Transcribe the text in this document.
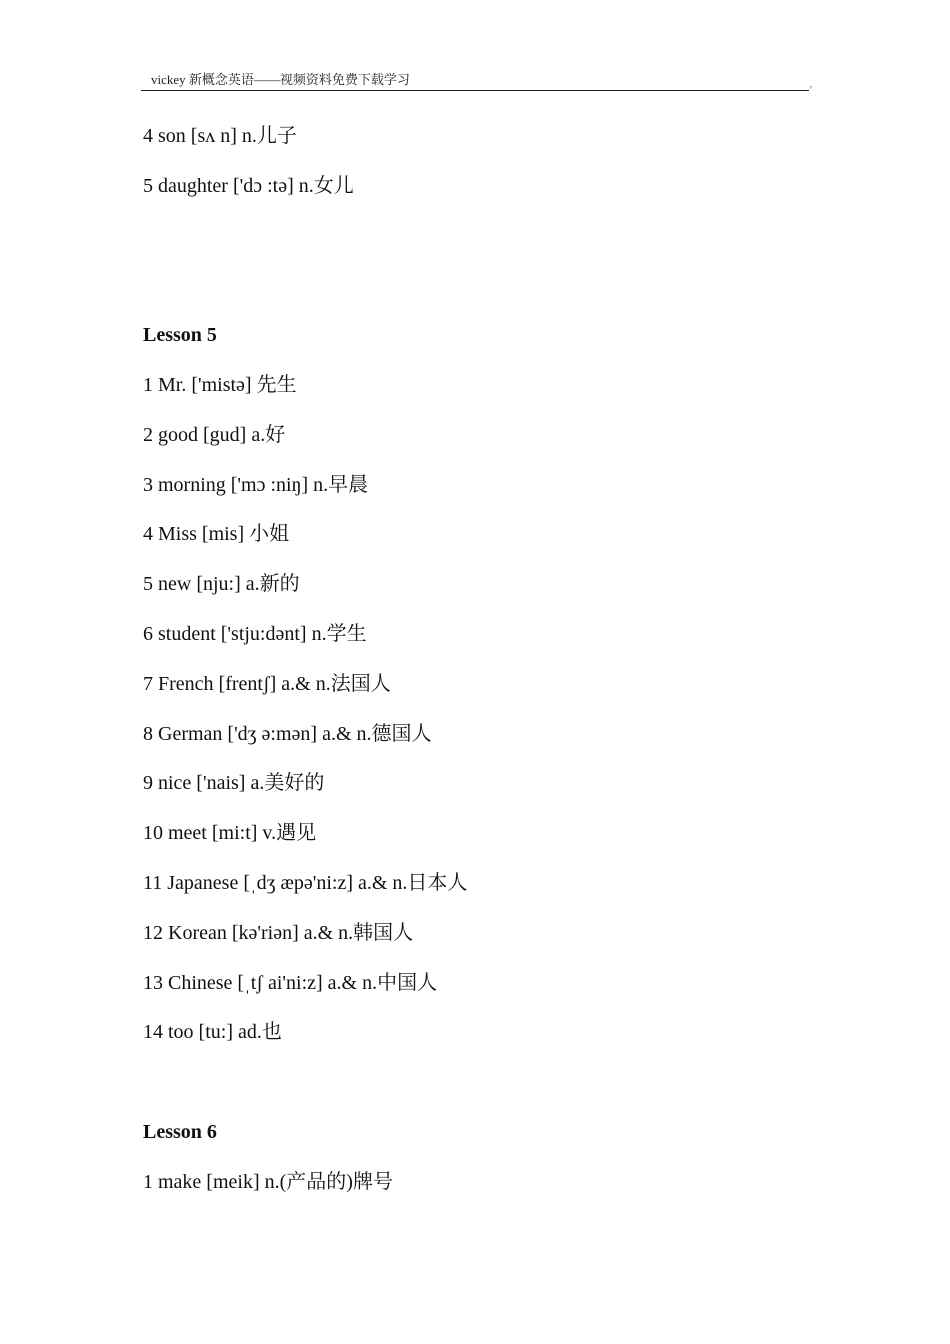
vickey 新概念英语——视频资料免费下载学习	,
4 son [sʌ n] n.儿子
5 daughter ['dɔ :tə] n.女儿
Lesson 5
1 Mr. ['mistə] 先生
2 good [gud] a.好
3 morning ['mɔ :niŋ] n.早晨
4 Miss [mis] 小姐
5 new [nju:] a.新的
6 student ['stju:dənt] n.学生
7 French [frentʃ] a.& n.法国人
8 German ['dʒ ə:mən] a.& n.德国人
9 nice ['nais] a.美好的
10 meet [mi:t] v.遇见
11 Japanese [ˌdʒ æpə'ni:z] a.& n.日本人
12 Korean [kə'riən] a.& n.韩国人
13 Chinese [ˌtʃ ai'ni:z] a.& n.中国人
14 too [tu:] ad.也
Lesson 6
1 make [meik] n.(产品的)牌号
